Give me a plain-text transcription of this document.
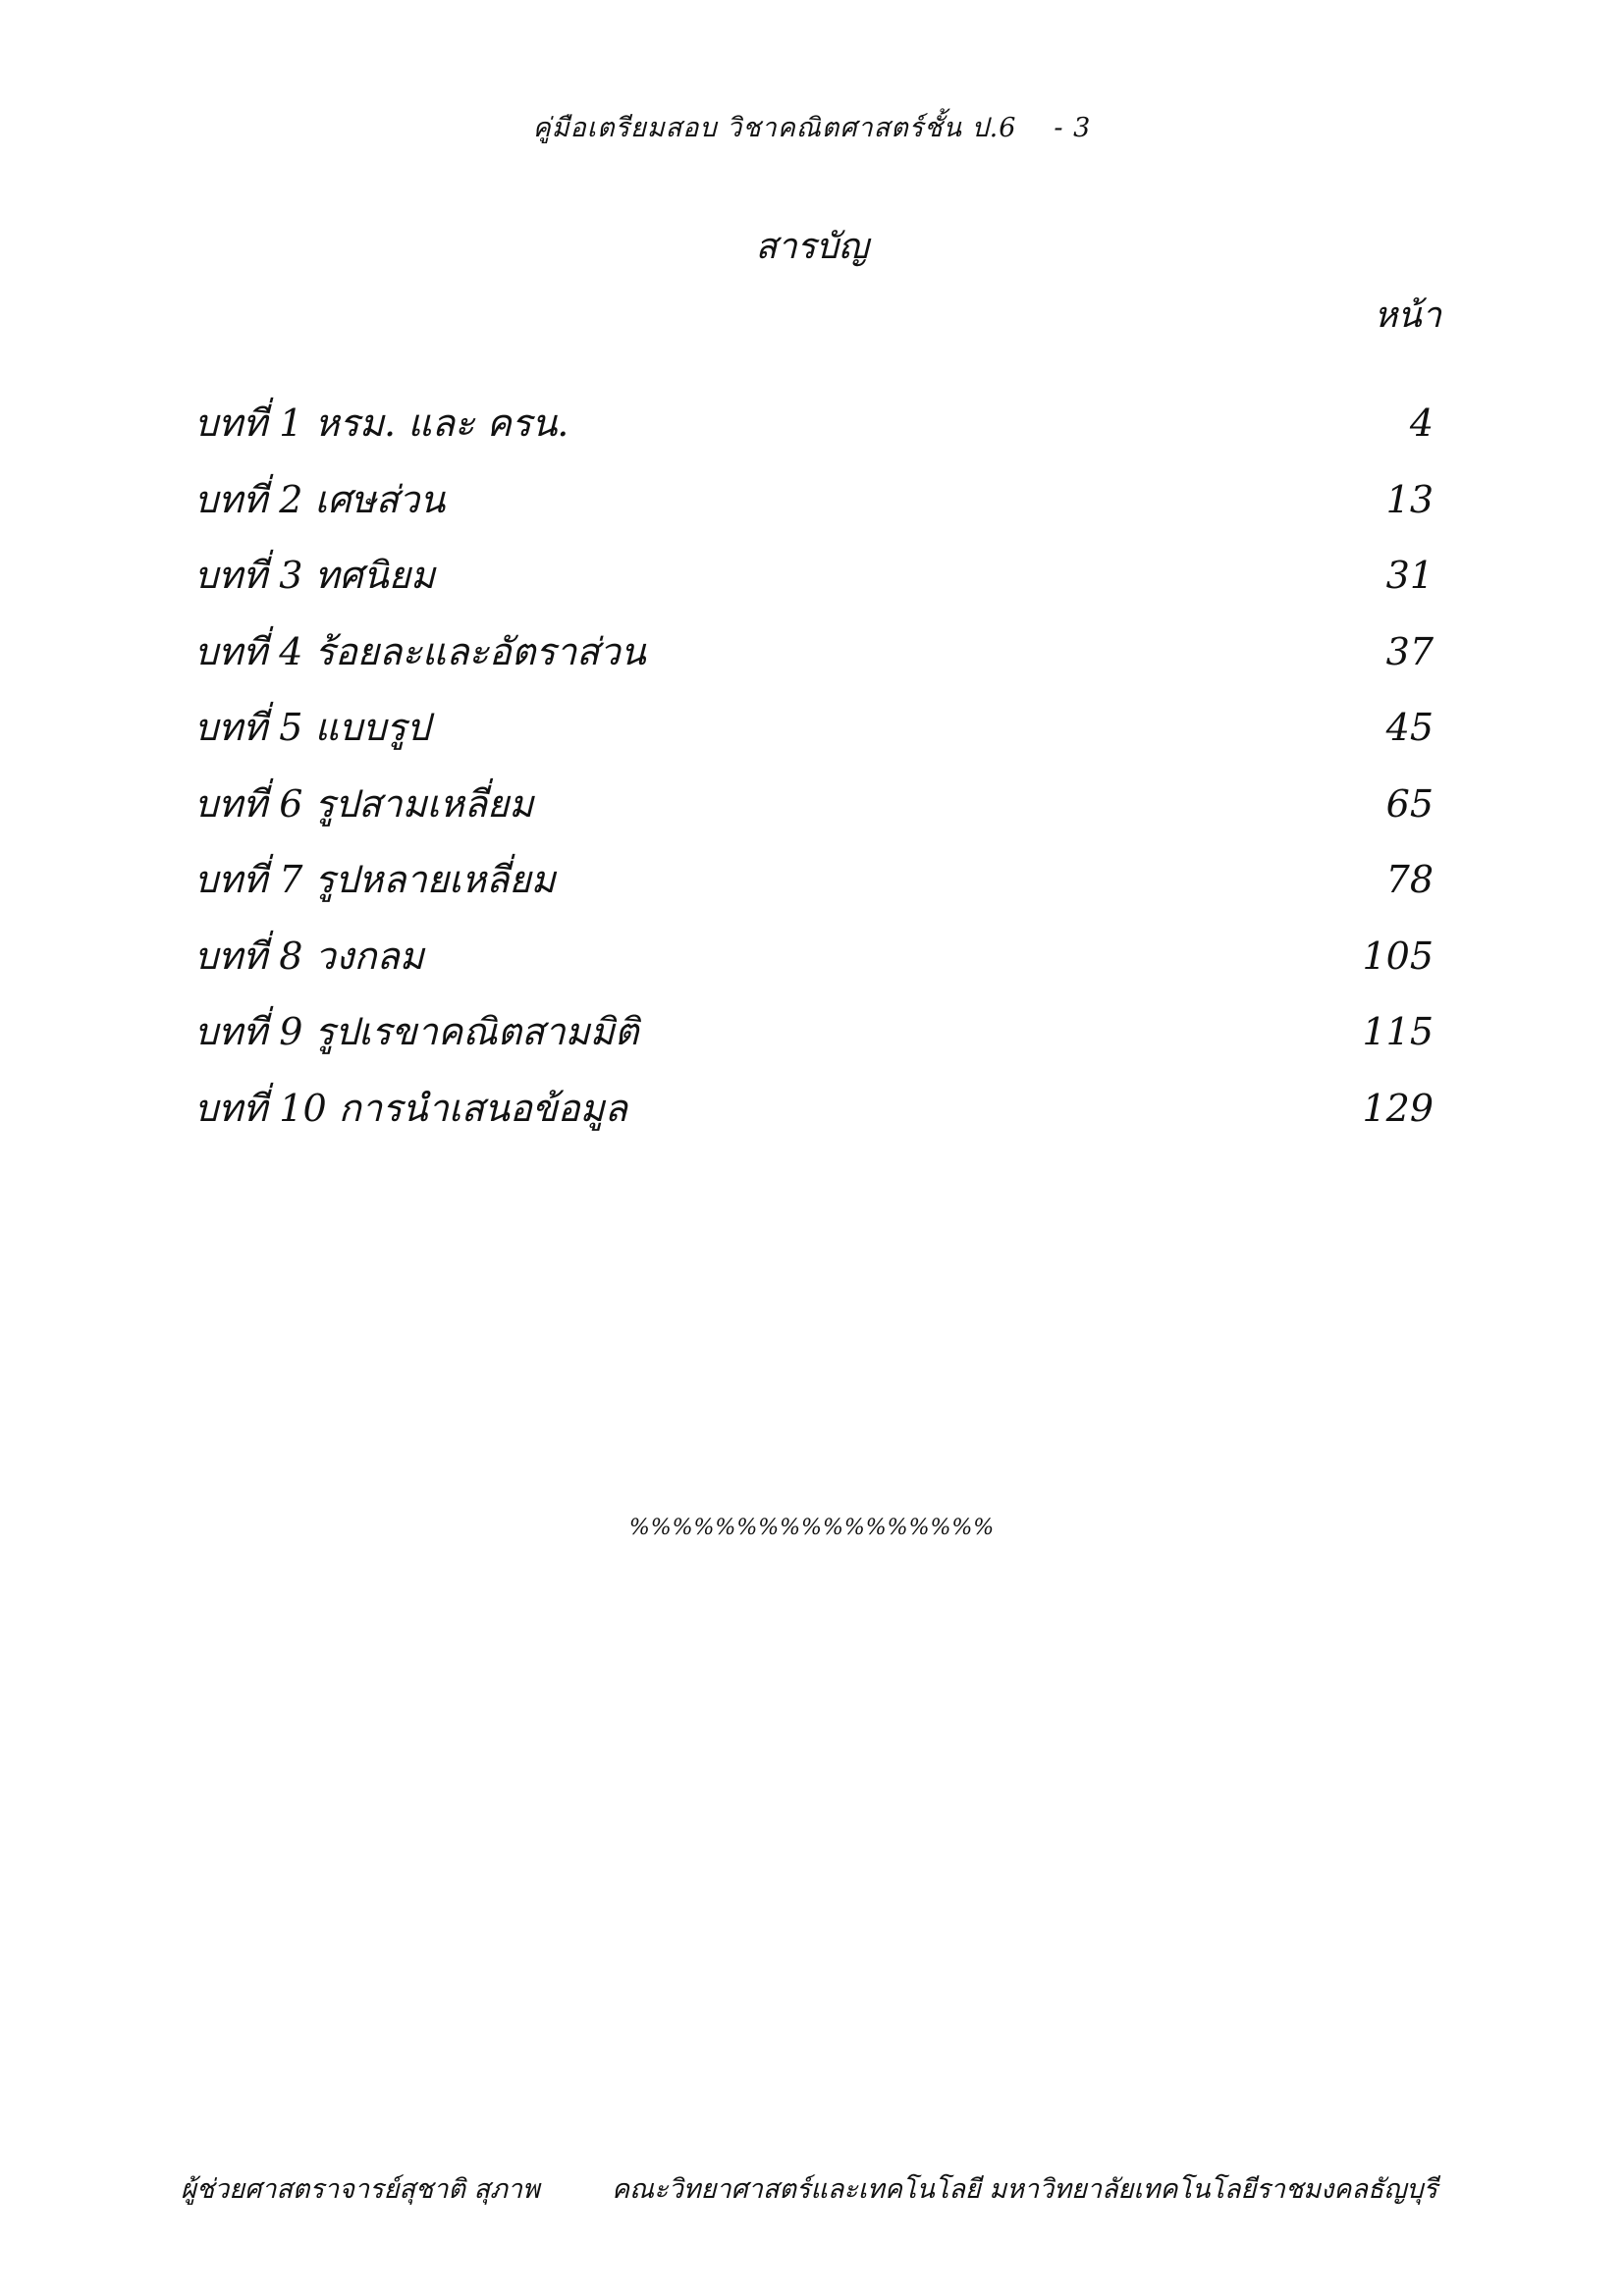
คู่มือเตรียมสอบ วิชาคณิตศาสตร์ชั้น ป.6 - 3
สารบัญ
หน้า
บทที่ 1 หรม. และ ครน.	4
บทที่ 2 เศษส่วน	13
บทที่ 3 ทศนิยม	31
บทที่ 4 ร้อยละและอัตราส่วน	37
บทที่ 5 แบบรูป	45
บทที่ 6 รูปสามเหลี่ยม	65
บทที่ 7 รูปหลายเหลี่ยม	78
บทที่ 8 วงกลม	105
บทที่ 9 รูปเรขาคณิตสามมิติ	115
บทที่ 10 การนำเสนอข้อมูล	129
%%%%%%%%%%%%%%%%%
ผู้ช่วยศาสตราจารย์สุชาติ สุภาพ	คณะวิทยาศาสตร์และเทคโนโลยี มหาวิทยาลัยเทคโนโลยีราชมงคลธัญบุรี
